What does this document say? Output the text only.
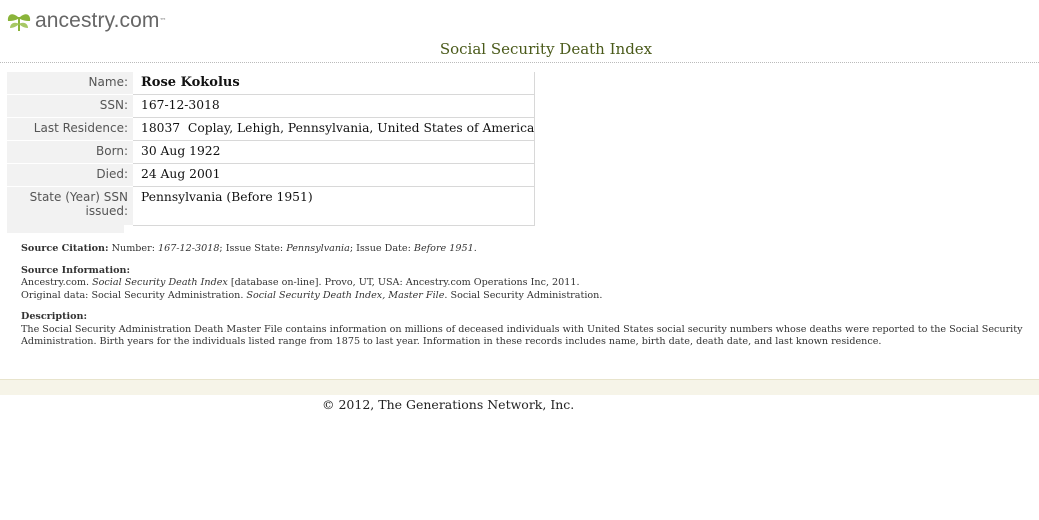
ancestry.com ™
Social Security Death Index
Name:	Rose Kokolus
SSN:	167-12-3018
Last Residence:	18037  Coplay, Lehigh, Pennsylvania, United States of America
Born:	30 Aug 1922
Died:	24 Aug 2001
State (Year) SSN issued:	Pennsylvania (Before 1951)
Source Citation: Number: 167-12-3018; Issue State: Pennsylvania; Issue Date: Before 1951.
Source Information:
Ancestry.com. Social Security Death Index [database on-line]. Provo, UT, USA: Ancestry.com Operations Inc, 2011.
Original data: Social Security Administration. Social Security Death Index, Master File. Social Security Administration.
Description:
The Social Security Administration Death Master File contains information on millions of deceased individuals with United States social security numbers whose deaths were reported to the Social Security Administration. Birth years for the individuals listed range from 1875 to last year. Information in these records includes name, birth date, death date, and last known residence.
© 2012, The Generations Network, Inc.
